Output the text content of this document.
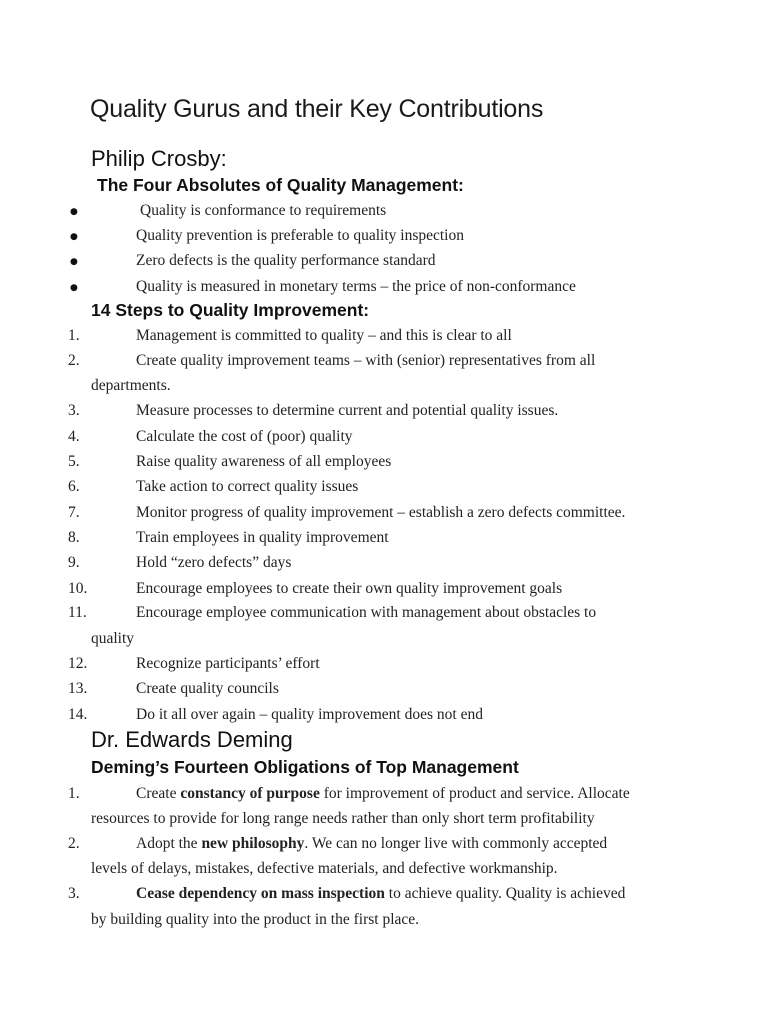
Quality Gurus and their Key Contributions
Philip Crosby:
The Four Absolutes of Quality Management:
●	Quality is conformance to requirements
●	Quality prevention is preferable to quality inspection
●	Zero defects is the quality performance standard
●	Quality is measured in monetary terms – the price of non-conformance
14 Steps to Quality Improvement:
1.	Management is committed to quality – and this is clear to all
2.	Create quality improvement teams – with (senior) representatives from all
departments.
3.	Measure processes to determine current and potential quality issues.
4.	Calculate the cost of (poor) quality
5.	Raise quality awareness of all employees
6.	Take action to correct quality issues
7.	Monitor progress of quality improvement – establish a zero defects committee.
8.	Train employees in quality improvement
9.	Hold “zero defects” days
10.	Encourage employees to create their own quality improvement goals
11.	Encourage employee communication with management about obstacles to
quality
12.	Recognize participants’ effort
13.	Create quality councils
14.	Do it all over again – quality improvement does not end
Dr. Edwards Deming
Deming’s Fourteen Obligations of Top Management
1.	Create constancy of purpose for improvement of product and service. Allocate
resources to provide for long range needs rather than only short term profitability
2.	Adopt the new philosophy. We can no longer live with commonly accepted
levels of delays, mistakes, defective materials, and defective workmanship.
3.	Cease dependency on mass inspection to achieve quality. Quality is achieved
by building quality into the product in the first place.
